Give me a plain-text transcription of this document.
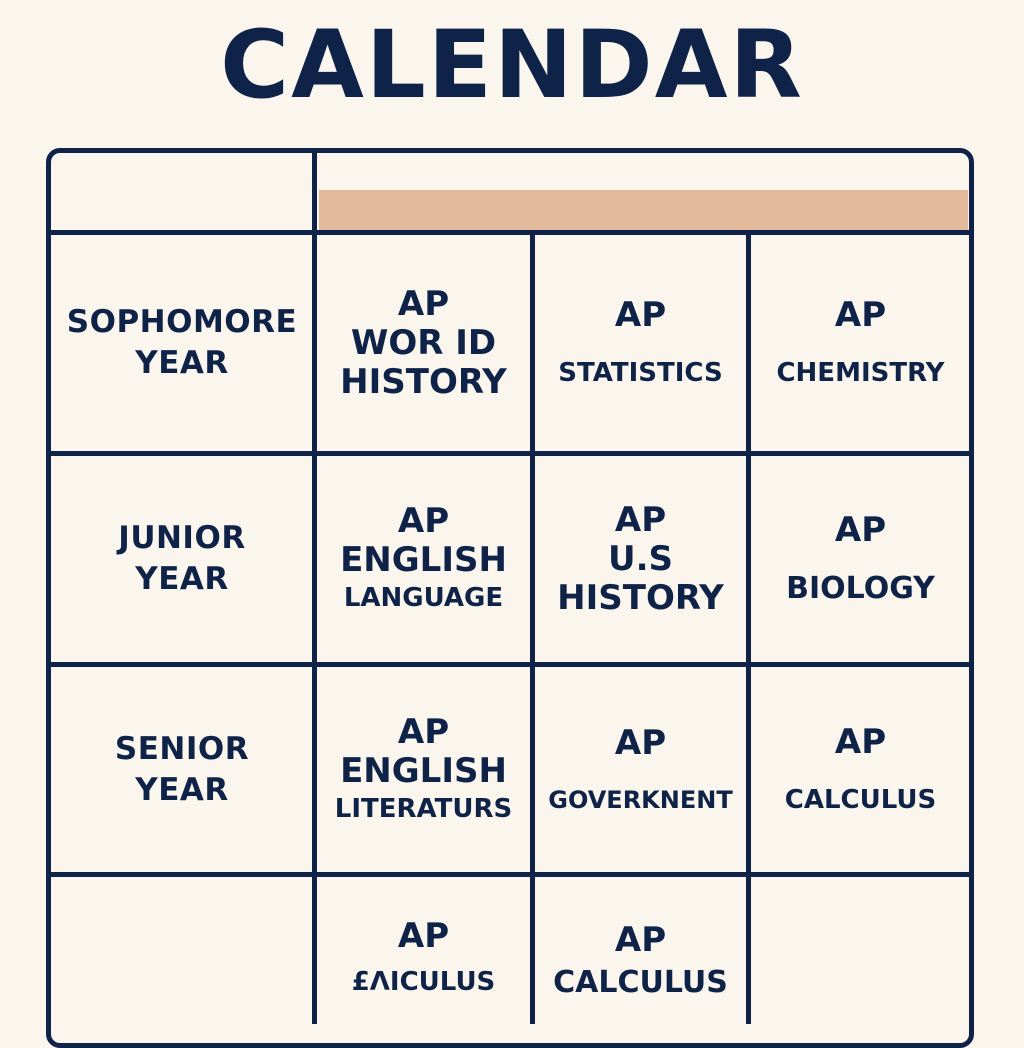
CALENDAR
SOPHOMORE
YEAR
AP
WOR ID
HISTORY
AP
STATISTICS
AP
CHEMISTRY
JUNIOR
YEAR
AP
ENGLISH
LANGUAGE
AP
U.S
HISTORY
AP
BIOLOGY
SENIOR
YEAR
AP
ENGLISH
LITERATURS
AP
GOVERKNENT
AP
CALCULUS
AP
£ΛICULUS
AP
CALCULUS
